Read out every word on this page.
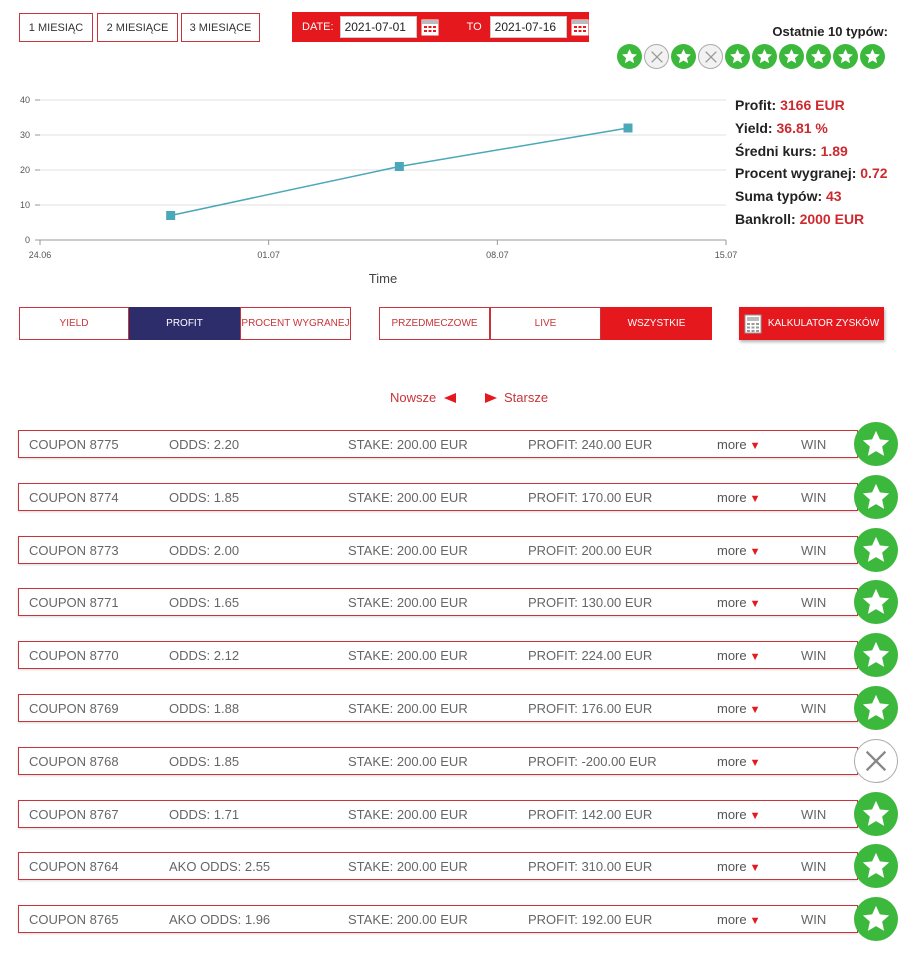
1 MIESIĄC	2 MIESIĄCE	3 MIESIĄCE	DATE: 2021-07-01	TO	2021-07-16	Ostatnie 10 typów:
0
10
20
30
40
24.06	01.07	08.07	15.07
Time
Profit: 3166 EUR
Yield: 36.81 %
Średni kurs: 1.89
Procent wygranej: 0.72
Suma typów: 43
Bankroll: 2000 EUR
YIELD	PROFIT	PROCENT WYGRANEJ	PRZEDMECZOWE	LIVE	WSZYSTKIE	KALKULATOR ZYSKÓW
Nowsze	Starsze
COUPON 8775	ODDS: 2.20	STAKE: 200.00 EUR	PROFIT: 240.00 EUR	more ▼	WIN
COUPON 8774	ODDS: 1.85	STAKE: 200.00 EUR	PROFIT: 170.00 EUR	more ▼	WIN
COUPON 8773	ODDS: 2.00	STAKE: 200.00 EUR	PROFIT: 200.00 EUR	more ▼	WIN
COUPON 8771	ODDS: 1.65	STAKE: 200.00 EUR	PROFIT: 130.00 EUR	more ▼	WIN
COUPON 8770	ODDS: 2.12	STAKE: 200.00 EUR	PROFIT: 224.00 EUR	more ▼	WIN
COUPON 8769	ODDS: 1.88	STAKE: 200.00 EUR	PROFIT: 176.00 EUR	more ▼	WIN
COUPON 8768	ODDS: 1.85	STAKE: 200.00 EUR	PROFIT: -200.00 EUR	more ▼
COUPON 8767	ODDS: 1.71	STAKE: 200.00 EUR	PROFIT: 142.00 EUR	more ▼	WIN
COUPON 8764	AKO ODDS: 2.55	STAKE: 200.00 EUR	PROFIT: 310.00 EUR	more ▼	WIN
COUPON 8765	AKO ODDS: 1.96	STAKE: 200.00 EUR	PROFIT: 192.00 EUR	more ▼	WIN
